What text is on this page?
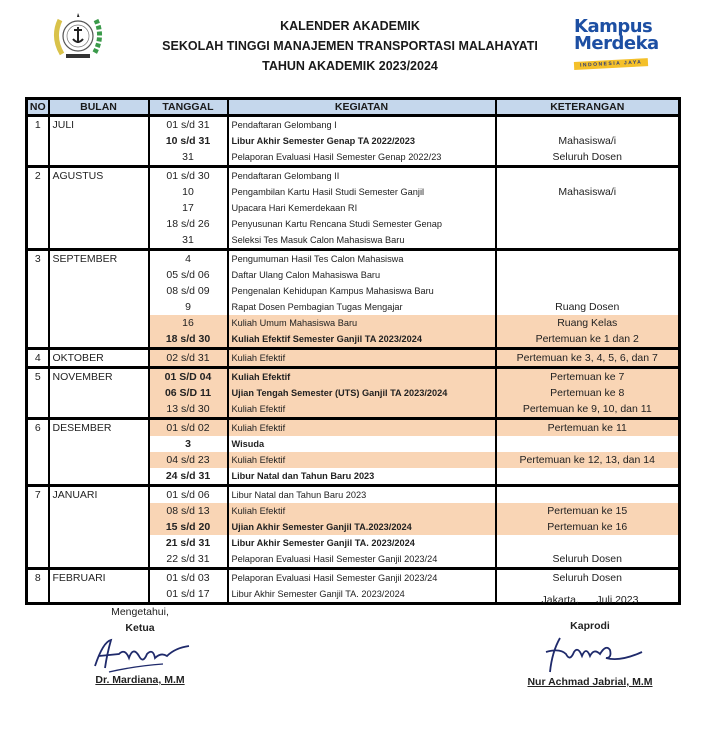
KALENDER AKADEMIK
SEKOLAH TINGGI MANAJEMEN TRANSPORTASI MALAHAYATI
TAHUN AKADEMIK 2023/2024
Kampus
Merdeka
INDONESIA JAYA
NO	BULAN	TANGGAL	KEGIATAN	KETERANGAN
1	JULI	01 s/d 31	Pendaftaran Gelombang I	
		10 s/d 31	Libur Akhir Semester Genap TA 2022/2023	Mahasiswa/i
		31	Pelaporan Evaluasi Hasil Semester Genap 2022/23	Seluruh Dosen
2	AGUSTUS	01 s/d 30	Pendaftaran Gelombang II	
		10	Pengambilan Kartu Hasil Studi Semester Ganjil	Mahasiswa/i
		17	Upacara Hari Kemerdekaan RI	
		18 s/d 26	Penyusunan Kartu Rencana Studi Semester Genap	
		31	Seleksi Tes Masuk Calon Mahasiswa Baru	
3	SEPTEMBER	4	Pengumuman Hasil Tes Calon Mahasiswa	
		05 s/d 06	Daftar Ulang Calon Mahasiswa Baru	
		08 s/d 09	Pengenalan Kehidupan Kampus Mahasiswa Baru	
		9	Rapat Dosen Pembagian Tugas Mengajar	Ruang Dosen
		16	Kuliah Umum Mahasiswa Baru	Ruang Kelas
		18 s/d 30	Kuliah Efektif Semester Ganjil TA 2023/2024	Pertemuan ke 1 dan 2
4	OKTOBER	02 s/d 31	Kuliah Efektif	Pertemuan ke 3, 4, 5, 6, dan 7
5	NOVEMBER	01 S/D 04	Kuliah Efektif	Pertemuan ke 7
		06 S/D 11	Ujian Tengah Semester (UTS) Ganjil TA 2023/2024	Pertemuan ke 8
		13 s/d 30	Kuliah Efektif	Pertemuan ke 9, 10, dan 11
6	DESEMBER	01 s/d 02	Kuliah Efektif	Pertemuan ke 11
		3	Wisuda	
		04 s/d 23	Kuliah Efektif	Pertemuan ke 12, 13, dan 14
		24 s/d 31	Libur Natal dan Tahun Baru 2023	
7	JANUARI	01 s/d 06	Libur Natal dan Tahun Baru 2023	
		08 s/d 13	Kuliah Efektif	Pertemuan ke 15
		15 s/d 20	Ujian Akhir Semester Ganjil TA.2023/2024	Pertemuan ke 16
		21 s/d 31	Libur Akhir Semester Ganjil TA. 2023/2024	
		22 s/d 31	Pelaporan Evaluasi Hasil Semester Ganjil 2023/24	Seluruh Dosen
8	FEBRUARI	01 s/d 03	Pelaporan Evaluasi Hasil Semester Ganjil 2023/24	Seluruh Dosen
		01 s/d 17	Libur Akhir Semester Ganjil TA. 2023/2024	
Mengetahui,
Ketua
Dr. Mardiana, M.M
Jakarta,      Juli 2023
Kaprodi
Nur Achmad Jabrial, M.M
